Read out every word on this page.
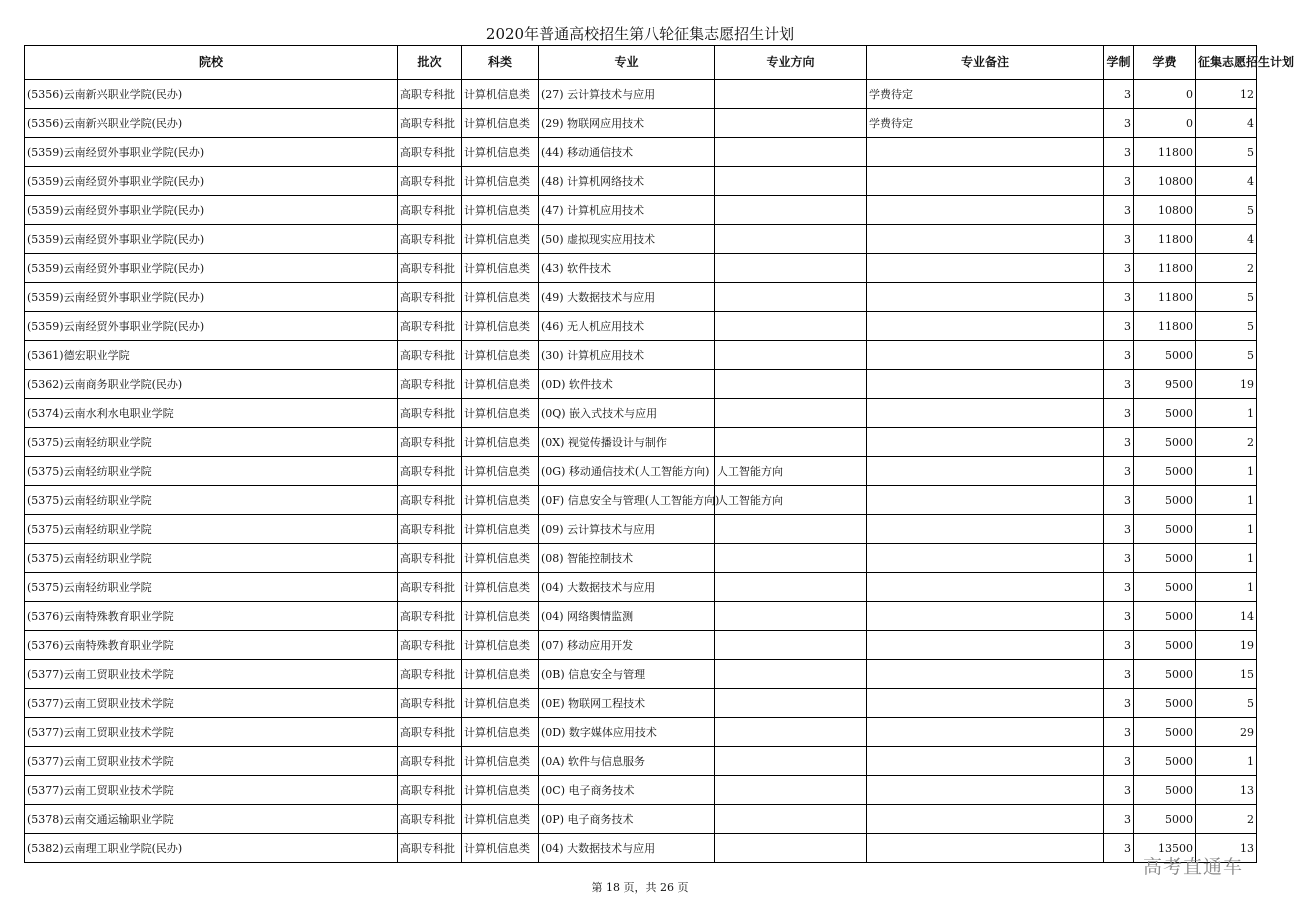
2020年普通高校招生第八轮征集志愿招生计划
院校	批次	科类	专业	专业方向	专业备注	学制	学费	征集志愿招生计划
(5356)云南新兴职业学院(民办)	高职专科批	计算机信息类	(27) 云计算技术与应用		学费待定	3	0	12
(5356)云南新兴职业学院(民办)	高职专科批	计算机信息类	(29) 物联网应用技术		学费待定	3	0	4
(5359)云南经贸外事职业学院(民办)	高职专科批	计算机信息类	(44) 移动通信技术			3	11800	5
(5359)云南经贸外事职业学院(民办)	高职专科批	计算机信息类	(48) 计算机网络技术			3	10800	4
(5359)云南经贸外事职业学院(民办)	高职专科批	计算机信息类	(47) 计算机应用技术			3	10800	5
(5359)云南经贸外事职业学院(民办)	高职专科批	计算机信息类	(50) 虚拟现实应用技术			3	11800	4
(5359)云南经贸外事职业学院(民办)	高职专科批	计算机信息类	(43) 软件技术			3	11800	2
(5359)云南经贸外事职业学院(民办)	高职专科批	计算机信息类	(49) 大数据技术与应用			3	11800	5
(5359)云南经贸外事职业学院(民办)	高职专科批	计算机信息类	(46) 无人机应用技术			3	11800	5
(5361)德宏职业学院	高职专科批	计算机信息类	(30) 计算机应用技术			3	5000	5
(5362)云南商务职业学院(民办)	高职专科批	计算机信息类	(0D) 软件技术			3	9500	19
(5374)云南水利水电职业学院	高职专科批	计算机信息类	(0Q) 嵌入式技术与应用			3	5000	1
(5375)云南轻纺职业学院	高职专科批	计算机信息类	(0X) 视觉传播设计与制作			3	5000	2
(5375)云南轻纺职业学院	高职专科批	计算机信息类	(0G) 移动通信技术(人工智能方向)	人工智能方向		3	5000	1
(5375)云南轻纺职业学院	高职专科批	计算机信息类	(0F) 信息安全与管理(人工智能方向)	人工智能方向		3	5000	1
(5375)云南轻纺职业学院	高职专科批	计算机信息类	(09) 云计算技术与应用			3	5000	1
(5375)云南轻纺职业学院	高职专科批	计算机信息类	(08) 智能控制技术			3	5000	1
(5375)云南轻纺职业学院	高职专科批	计算机信息类	(04) 大数据技术与应用			3	5000	1
(5376)云南特殊教育职业学院	高职专科批	计算机信息类	(04) 网络舆情监测			3	5000	14
(5376)云南特殊教育职业学院	高职专科批	计算机信息类	(07) 移动应用开发			3	5000	19
(5377)云南工贸职业技术学院	高职专科批	计算机信息类	(0B) 信息安全与管理			3	5000	15
(5377)云南工贸职业技术学院	高职专科批	计算机信息类	(0E) 物联网工程技术			3	5000	5
(5377)云南工贸职业技术学院	高职专科批	计算机信息类	(0D) 数字媒体应用技术			3	5000	29
(5377)云南工贸职业技术学院	高职专科批	计算机信息类	(0A) 软件与信息服务			3	5000	1
(5377)云南工贸职业技术学院	高职专科批	计算机信息类	(0C) 电子商务技术			3	5000	13
(5378)云南交通运输职业学院	高职专科批	计算机信息类	(0P) 电子商务技术			3	5000	2
(5382)云南理工职业学院(民办)	高职专科批	计算机信息类	(04) 大数据技术与应用			3	13500	13
第 18 页，共 26 页
高考直通车
